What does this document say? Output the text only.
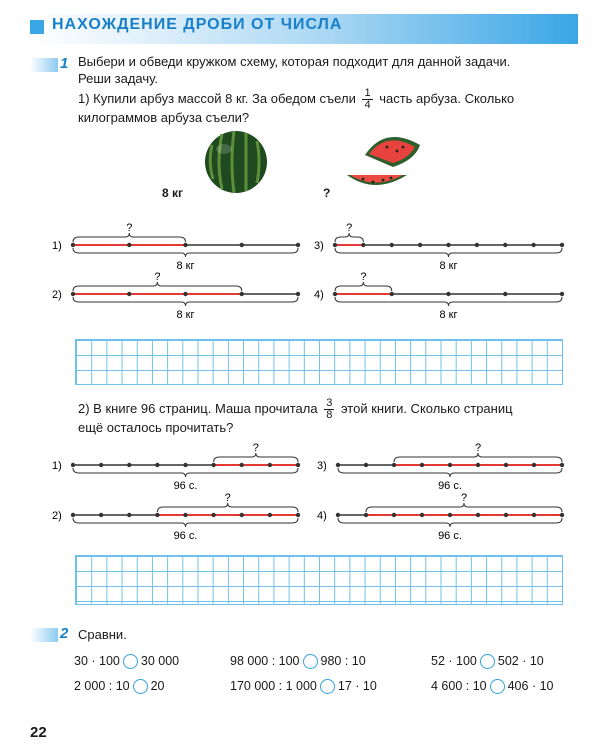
НАХОЖДЕНИЕ ДРОБИ ОТ ЧИСЛА
1 Выбери и обведи кружком схему, которая подходит для данной задачи.
Реши задачу.
1) Купили арбуз массой 8 кг. За обедом съели $\frac{1}{4}$ часть арбуза. Сколько
килограммов арбуза съели?
8 кг	?
1)
?
8 кг
2)
?
8 кг
3)
?
8 кг
4)
?
8 кг
2) В книге 96 страниц. Маша прочитала $\frac{3}{8}$ этой книги. Сколько страниц
ещё осталось прочитать?
1)
?
96 с.
2)
?
96 с.
3)
?
96 с.
4)
?
96 с.
2 Сравни.
30 · 100 30 000	98 000 : 100 980 : 10	52 · 100 502 · 10
2 000 : 10 20	170 000 : 1 000 17 · 10	4 600 : 10 406 · 10
22
